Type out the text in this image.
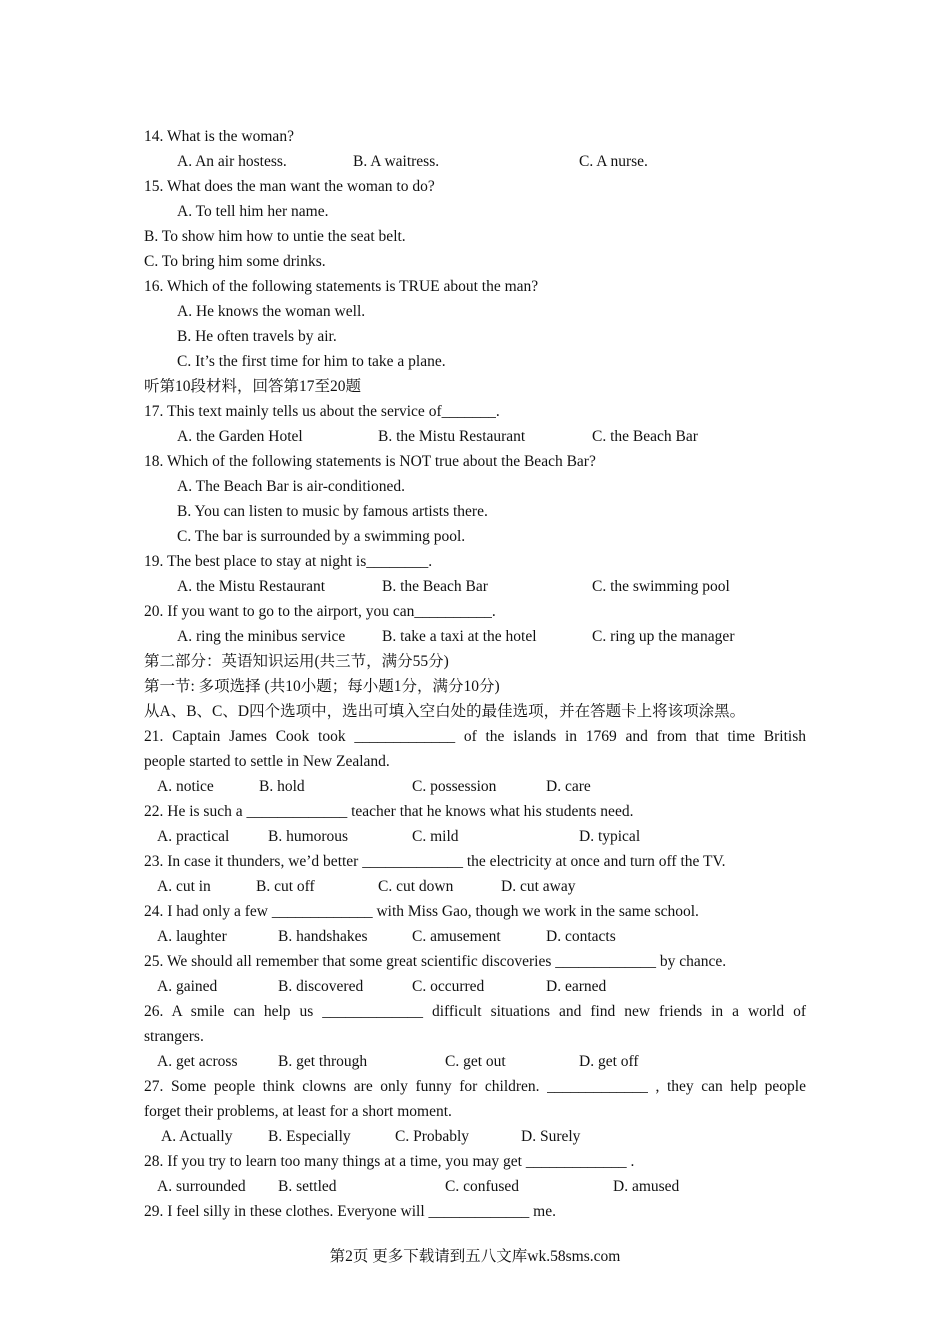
14. What is the woman?

A. An air hostess.

	B. A waitress.

	C. A nurse.

15. What does the man want the woman to do?
A. To tell him her name.
B. To show him how to untie the seat belt.
C. To bring him some drinks.
16. Which of the following statements is TRUE about the man?
A. He knows the woman well.
B. He often travels by air.
C. It’s the first time for him to take a plane.
听第10段材料，回答第17至20题
17. This text mainly tells us about the service of_______.

A. the Garden Hotel

	B. the Mistu Restaurant

	C. the Beach Bar

18. Which of the following statements is NOT true about the Beach Bar?
A. The Beach Bar is air-conditioned.
B. You can listen to music by famous artists there.
C. The bar is surrounded by a swimming pool.
19. The best place to stay at night is________.

A. the Mistu Restaurant

	B. the Beach Bar

	C. the swimming pool

20. If you want to go to the airport, you can__________.

A. ring the minibus service

B. take a taxi at the hotel

	C. ring up the manager

第二部分：英语知识运用(共三节，满分55分)
第一节: 多项选择 (共10小题；每小题1分，满分10分)
从A、B、C、D四个选项中，选出可填入空白处的最佳选项，并在答题卡上将该项涂黑。
21. Captain James Cook took _____________ of the islands in 1769 and from that time British
people started to settle in New Zealand.

A. notice

	B. hold

	C. possession

	D. care

22. He is such a _____________ teacher that he knows what his students need.

A. practical

B. humorous

	C. mild

	D. typical

23. In case it thunders, we’d better _____________ the electricity at once and turn off the TV.

A. cut in

	B. cut off

	C. cut down

	D. cut away

24. I had only a few _____________ with Miss Gao, though we work in the same school.

A. laughter

	B. handshakes

	C. amusement

	D. contacts

25. We should all remember that some great scientific discoveries _____________ by chance.

A. gained

	B. discovered

	C. occurred

	D. earned

26. A smile can help us _____________ difficult situations and find new friends in a world of
strangers.

A. get across

	B. get through

	C. get out

	D. get off

27. Some people think clowns are only funny for children. _____________ , they can help people
forget their problems, at least for a short moment.

A. Actually

B. Especially

	C. Probably

	D. Surely

28. If you try to learn too many things at a time, you may get _____________ .

A. surrounded

B. settled

	C. confused

	D. amused

29. I feel silly in these clothes. Everyone will _____________ me.
第2页 更多下载请到五八文库wk.58sms.com
